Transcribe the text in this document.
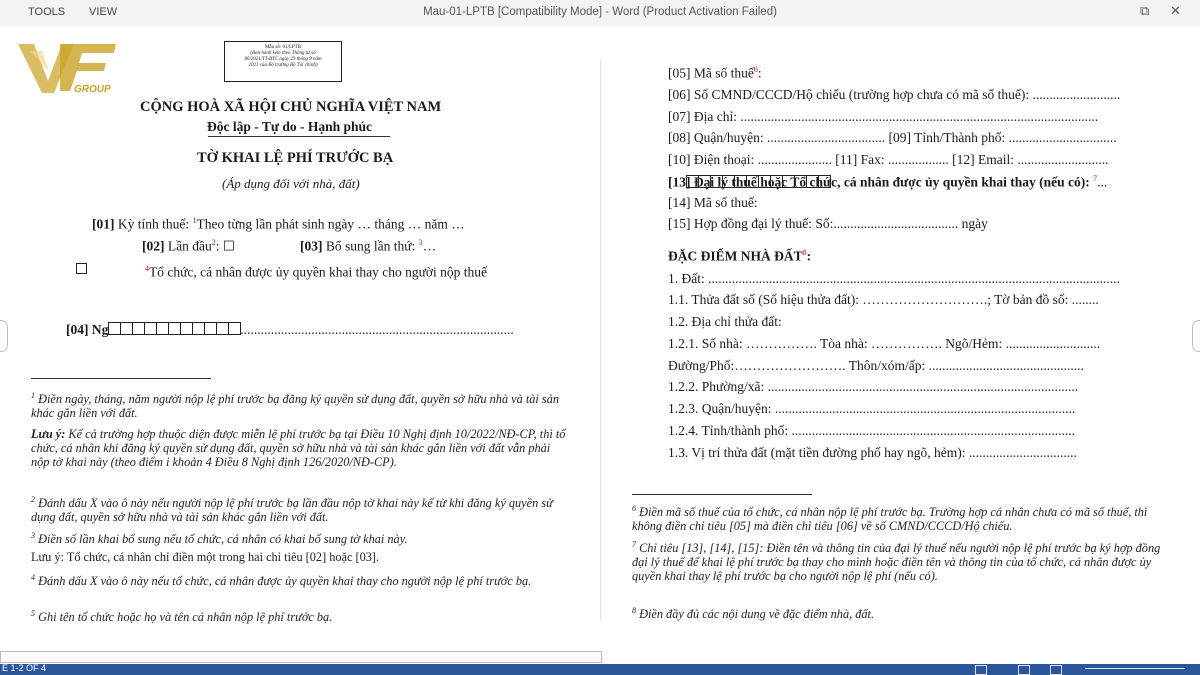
TOOLS VIEW	Mau-01-LPTB [Compatibility Mode] - Word (Product Activation Failed)	⧉ ✕
GROUP
Mẫu số: 01/LPTB
(Ban hành kèm theo Thông tư số
80/2021/TT-BTC ngày 29 tháng 9 năm
2021 của Bộ trưởng Bộ Tài chính)
CỘNG HOÀ XÃ HỘI CHỦ NGHĨA VIỆT NAM
Độc lập - Tự do - Hạnh phúc
TỜ KHAI LỆ PHÍ TRƯỚC BẠ
(Áp dụng đối với nhà, đất)
[01] Kỳ tính thuế: $^1$Theo từng lần phát sinh ngày … tháng … năm …
[02] Lần đầu$^2$: ☐	[03] Bổ sung lần thứ: $^3$…
$^4$Tổ chức, cá nhân được ủy quyền khai thay cho người nộp thuế
[04] Ng	.................................................................................
$^1$ Điền ngày, tháng, năm người nộp lệ phí trước bạ đăng ký quyền sử dụng đất, quyền sở hữu nhà và tài sản khác gắn liền với đất.
Lưu ý: Kể cả trường hợp thuộc diện được miễn lệ phí trước bạ tại Điều 10 Nghị định 10/2022/NĐ-CP, thì tổ chức, cá nhân khi đăng ký quyền sử dụng đất, quyền sở hữu nhà và tài sản khác gắn liền với đất vẫn phải nộp tờ khai này (theo điểm i khoản 4 Điều 8 Nghị định 126/2020/NĐ-CP).
$^2$ Đánh dấu X vào ô này nếu người nộp lệ phí trước bạ lần đầu nộp tờ khai này kể từ khi đăng ký quyền sử dụng đất, quyền sở hữu nhà và tài sản khác gắn liền với đất.
$^3$ Điền số lần khai bổ sung nếu tổ chức, cá nhân có khai bổ sung tờ khai này.
Lưu ý: Tổ chức, cá nhân chỉ điền một trong hai chỉ tiêu [02] hoặc [03].
$^4$ Đánh dấu X vào ô này nếu tổ chức, cá nhân được ủy quyền khai thay cho người nộp lệ phí trước bạ.
$^5$ Ghi tên tổ chức hoặc họ và tên cá nhân nộp lệ phí trước bạ.
[05] Mã số thuế$^6$:
[06] Số CMND/CCCD/Hộ chiếu (trường hợp chưa có mã số thuế): ..........................
[07] Địa chỉ: ..........................................................................................................
[08] Quận/huyện: ................................... [09] Tỉnh/Thành phố: ................................
[10] Điện thoại: ...................... [11] Fax: .................. [12] Email: ...........................
[13] Đại lý thuế hoặc Tổ chức, cá nhân được ủy quyền khai thay (nếu có): $^7$...
[14] Mã số thuế:
[15] Hợp đồng đại lý thuế: Số:..................................... ngày
ĐẶC ĐIỂM NHÀ ĐẤT$^8$:
1. Đất: ..........................................................................................................................
1.1. Thửa đất số (Số hiệu thửa đất): ……………………….; Tờ bản đồ số: ........
1.2. Địa chỉ thửa đất:
1.2.1. Số nhà: ……………. Tòa nhà: ……………. Ngõ/Hẻm: ............................
Đường/Phố:……………………. Thôn/xóm/ấp: ..............................................
1.2.2. Phường/xã: ............................................................................................
1.2.3. Quận/huyện: .........................................................................................
1.2.4. Tỉnh/thành phố: ....................................................................................
1.3. Vị trí thửa đất (mặt tiền đường phố hay ngõ, hẻm): ................................
$^6$ Điền mã số thuế của tổ chức, cá nhân nộp lệ phí trước bạ. Trường hợp cá nhân chưa có mã số thuế, thì không điền chỉ tiêu [05] mà điền chỉ tiêu [06] về số CMND/CCCD/Hộ chiếu.
$^7$ Chỉ tiêu [13], [14], [15]: Điền tên và thông tin của đại lý thuế nếu người nộp lệ phí trước bạ ký hợp đồng đại lý thuế để khai lệ phí trước bạ thay cho mình hoặc điền tên và thông tin của tổ chức, cá nhân được ủy quyền khai thay lệ phí trước bạ cho người nộp lệ phí (nếu có).
$^8$ Điền đầy đủ các nội dung về đặc điểm nhà, đất.
E 1-2 OF 4
